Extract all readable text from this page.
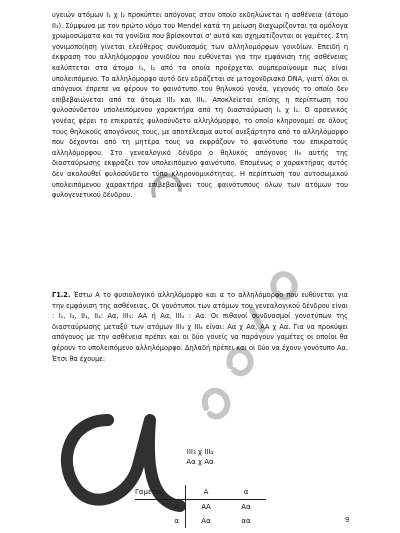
υγειών ατόμων I₁ χ I₂ προκύπτει απόγονος στον οποίο εκδηλώνεται η ασθένεια (άτομο II₃). Σύμφωνα με τον πρώτο νόμο του Mendel κατά τη μείωση διαχωρίζονται τα ομόλογα χρωμοσώματα και τα γονίδια που βρίσκονται σ' αυτά και σχηματίζονται οι γαμέτες. Στη γονιμοποίηση γίνεται ελεύθερος συνδυασμός των αλληλομόρφων γονιδίων. Επειδή η έκφραση του αλληλόμορφου γονιδίου που ευθύνεται για την εμφάνιση της ασθένειας καλύπτεται στα άτομα I₁, I₂ από τα οποία προέρχεται συμπεραίνουμε πως είναι υπολειπόμενο. Το αλληλόμορφο αυτό δεν εδράζεται σε μιτοχονδριακό DNA, γιατί όλοι οι απόγονοι έπρεπε να φέρουν το φαινότυπο του θηλυκού γονέα, γεγονός το οποίο δεν επιβεβαιώνεται από τα άτομα III₃ και III₁. Αποκλείεται επίσης η περίπτωση του φυλοσύνδετου υπολειπόμενου χαρακτήρα από τη διασταύρωση I₁ χ I₂. Ο αρσενικός γονέας φέρει το επικρατές φυλοσύνδετο αλληλόμορφο, το οποίο κληρονομεί σε όλους τους θηλυκούς απογόνους τους, με αποτέλεσμα αυτοί ανεξάρτητα από το αλληλόμορφο που δέχονται από τη μητέρα τους να εκφράζουν το φαινότυπο του επικρατούς αλληλόμορφου. Στο γενεαλογικό δένδρο ο θηλυκός απόγονος II₃ αυτής της διασταύρωσης εκφράζει τον υπολειπόμενο φαινότυπο. Επομένως ο χαρακτήρας αυτός δεν ακολουθεί φυλοσύνδετο τύπο κληρονομικότητας. Η περίπτωση του αυτοσωμικού υπολειπόμενου χαρακτήρα επιβεβαιώνει τους φαινότυπους όλων των ατόμων του φυλογενετικού δένδρου.
Γ1.2. Έστω Α το φυσιολογικό αλληλόμορφο και α το αλληλόμορφο που ευθύνεται για την εμφάνιση της ασθένειας. Οι γονότυποι των ατόμων του γενεαλογικού δένδρου είναι : I₁, I₂, II₁, II₂: Αα, III₃: ΑΑ ή Αα, III₄ : Αα. Οι πιθανοί συνδυασμοί γονοτύπων της διασταύρωσης μεταξύ των ατόμων III₃ χ III₄ είναι: Αα χ Αα, ΑΑ χ Αα. Για να προκύψει απόγονος με την ασθένεια πρέπει και οι δύο γονείς να παράγουν γαμέτες οι οποίοι θα φέρουν το υπολειπόμενο αλληλόμορφο. Δηλαδή πρέπει και οι δύο να έχουν γονότυπο Αα. Έτσι θα έχουμε:
III₃ χ III₄
Αα χ Αα
Γαμέτες	Α	α
Α	ΑΑ	Αα
α	Αα	αα	9
